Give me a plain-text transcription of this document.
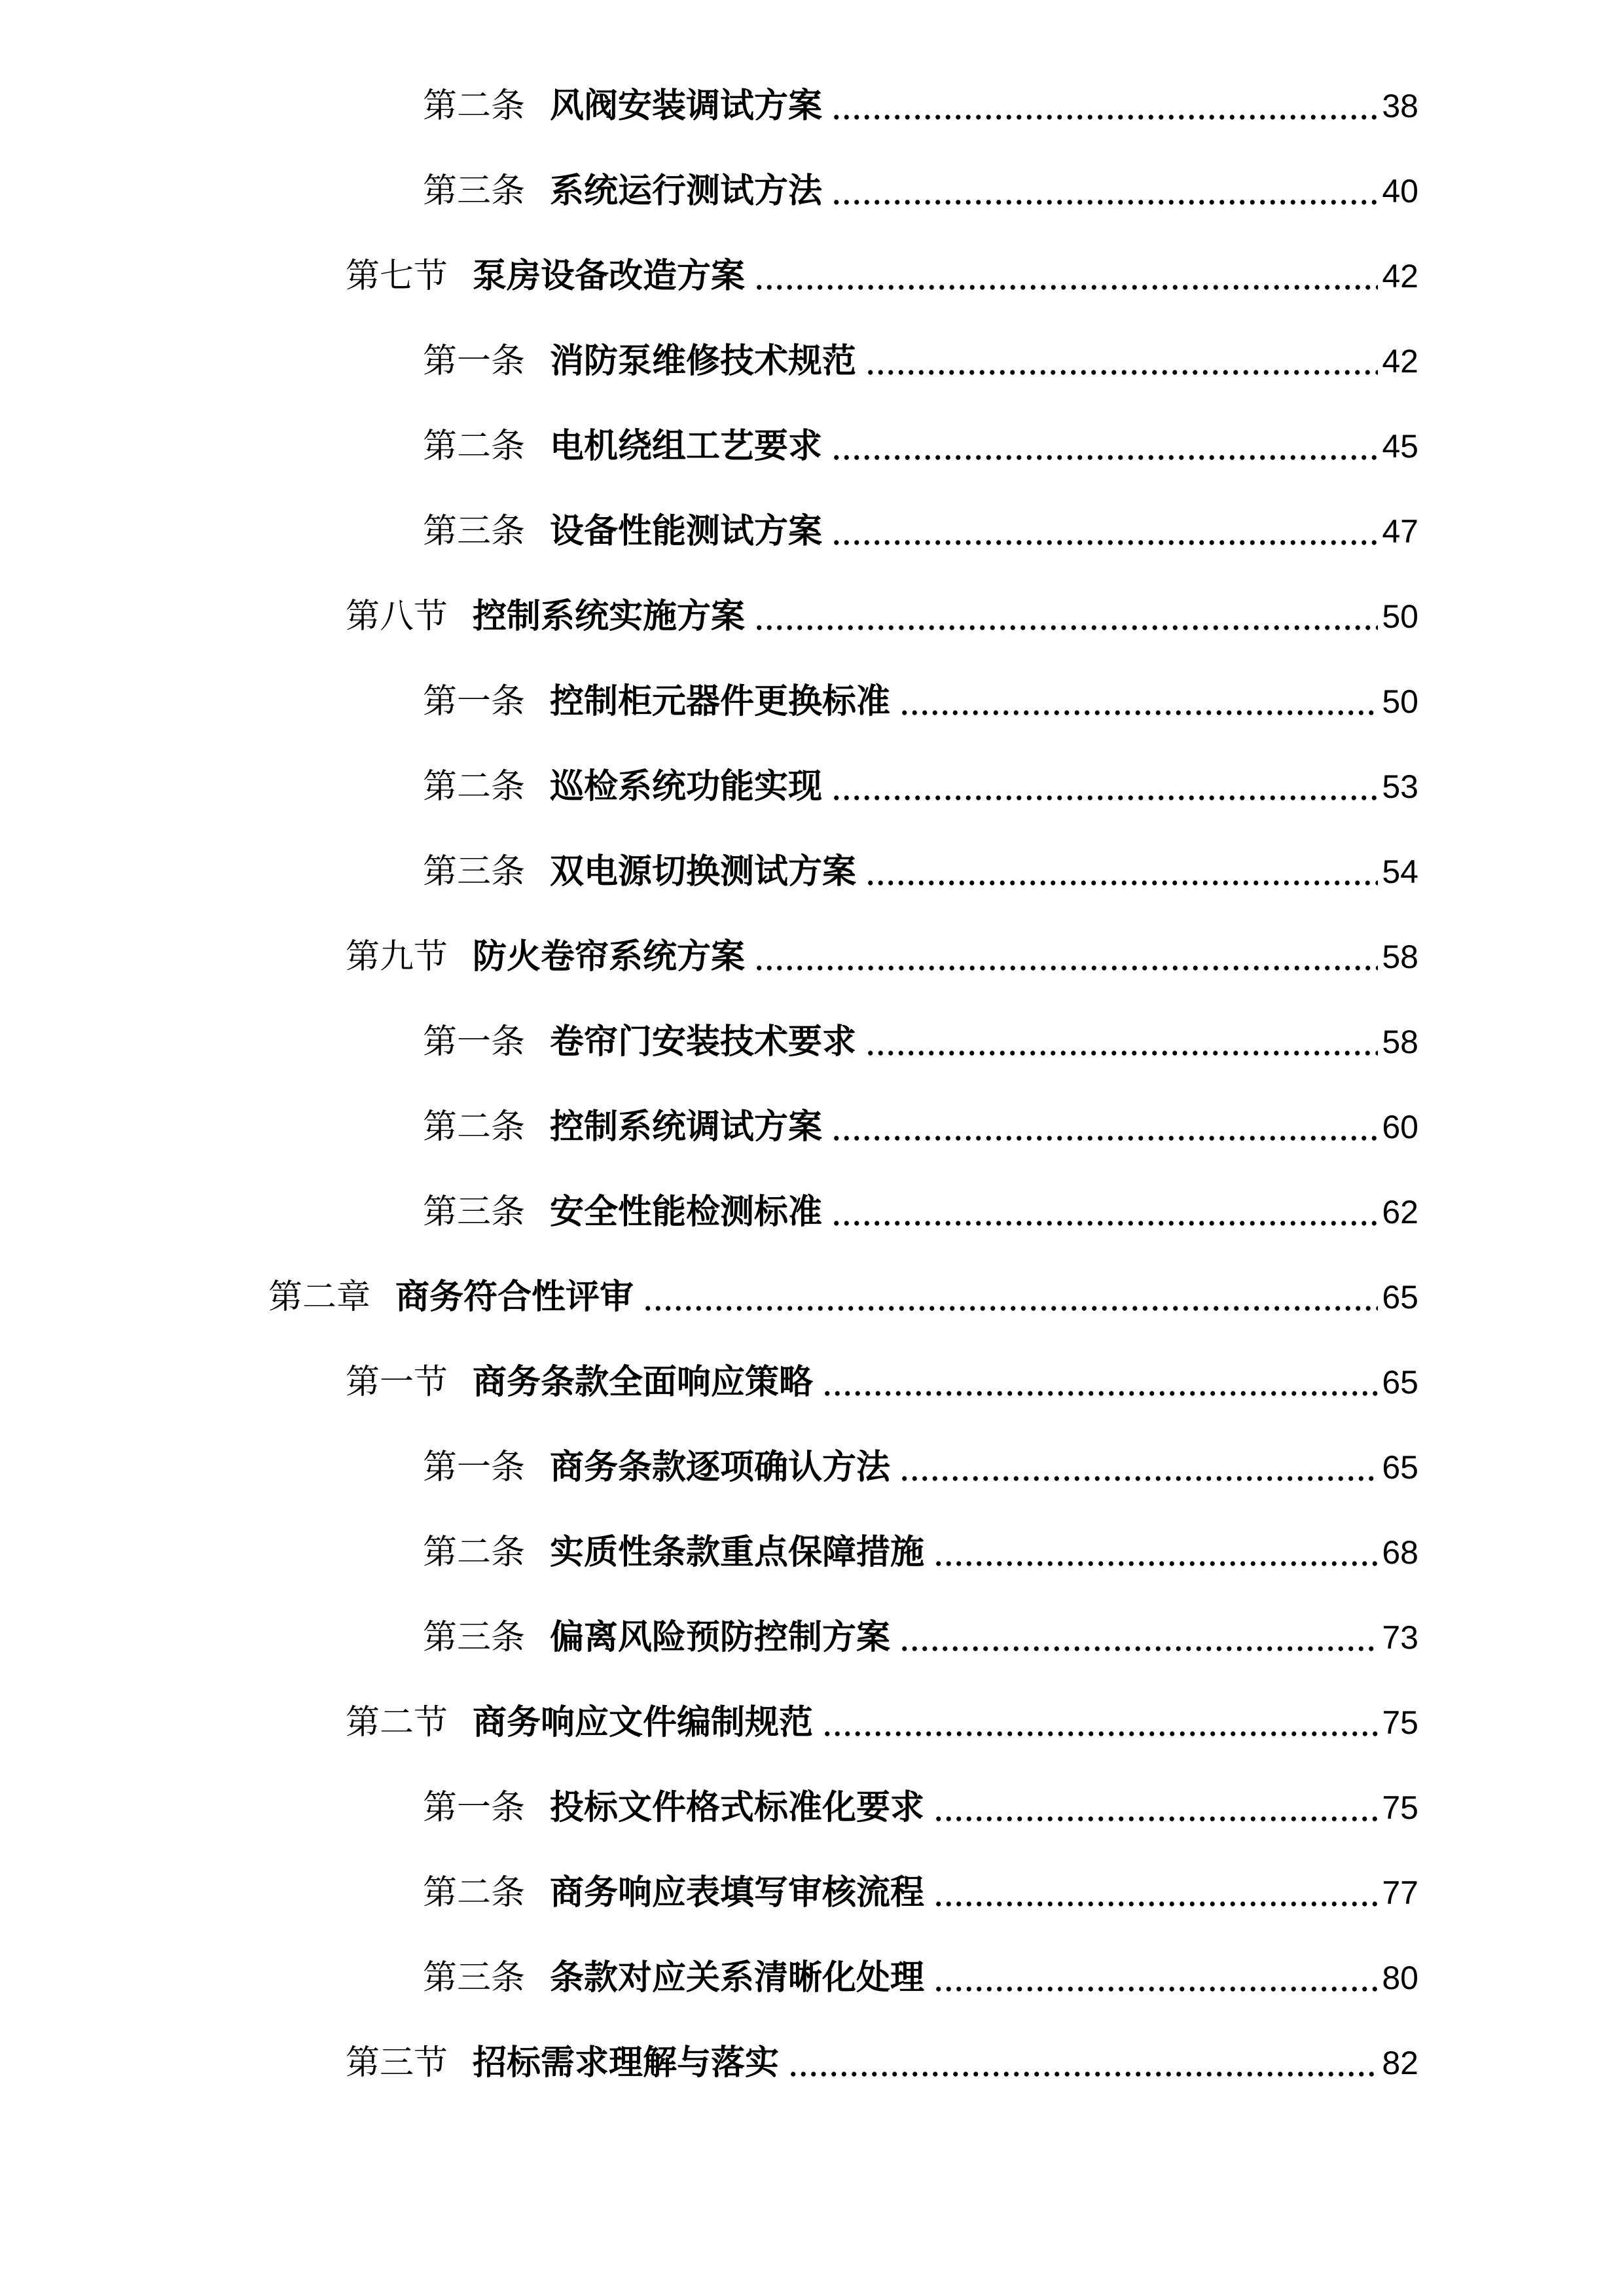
第二条 风阀安装调试方案	38
第三条 系统运行测试方法	40
第七节 泵房设备改造方案	42
第一条 消防泵维修技术规范	42
第二条 电机绕组工艺要求	45
第三条 设备性能测试方案	47
第八节 控制系统实施方案	50
第一条 控制柜元器件更换标准	50
第二条 巡检系统功能实现	53
第三条 双电源切换测试方案	54
第九节 防火卷帘系统方案	58
第一条 卷帘门安装技术要求	58
第二条 控制系统调试方案	60
第三条 安全性能检测标准	62
第二章 商务符合性评审	65
第一节 商务条款全面响应策略	65
第一条 商务条款逐项确认方法	65
第二条 实质性条款重点保障措施	68
第三条 偏离风险预防控制方案	73
第二节 商务响应文件编制规范	75
第一条 投标文件格式标准化要求	75
第二条 商务响应表填写审核流程	77
第三条 条款对应关系清晰化处理	80
第三节 招标需求理解与落实	82
